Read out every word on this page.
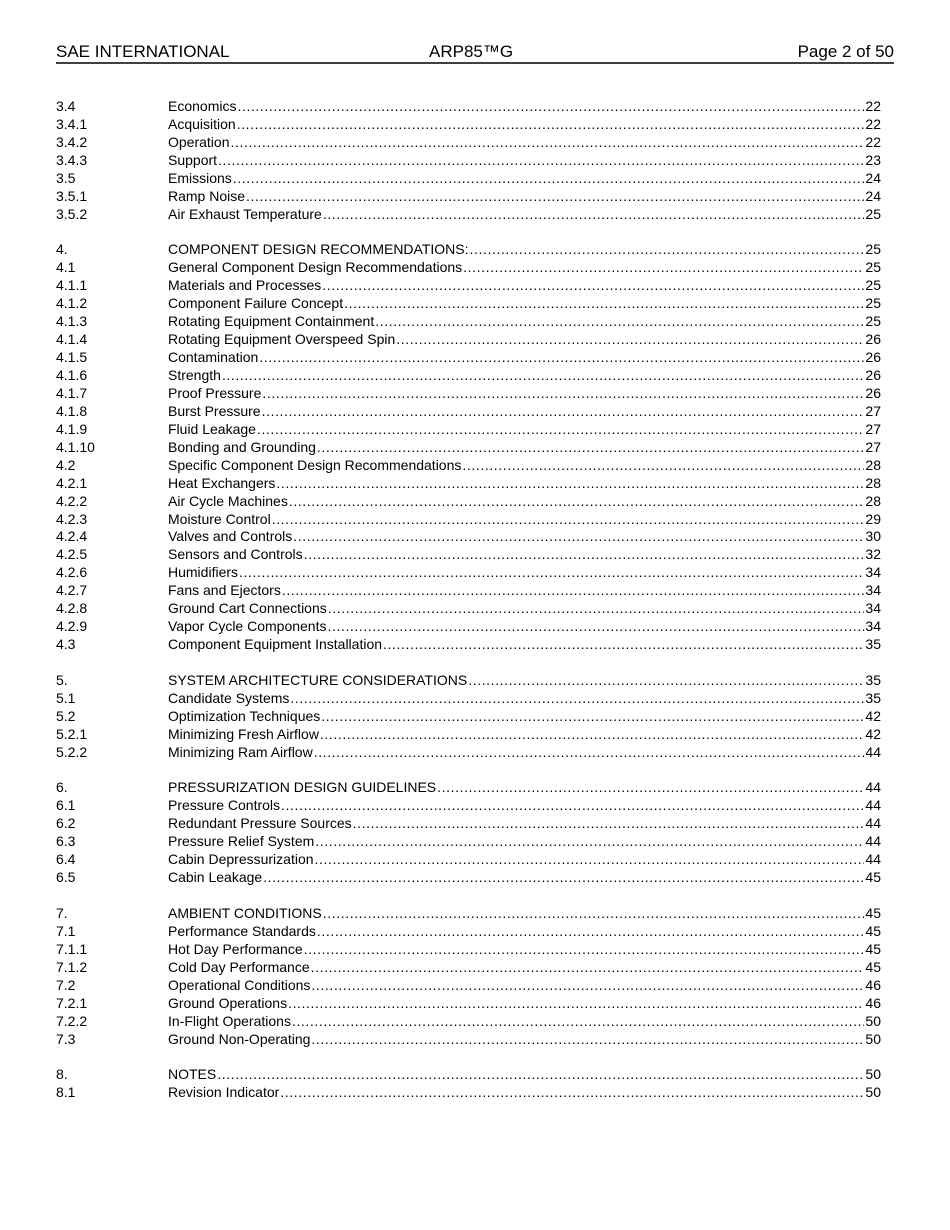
SAE INTERNATIONAL	ARP85™G	Page 2 of 50
3.4	Economics .....	22
3.4.1	Acquisition .....	22
3.4.2	Operation .....	22
3.4.3	Support .....	23
3.5	Emissions .....	24
3.5.1	Ramp Noise .....	24
3.5.2	Air Exhaust Temperature .....	25
4.	COMPONENT DESIGN RECOMMENDATIONS: .....	25
4.1	General Component Design Recommendations .....	25
4.1.1	Materials and Processes .....	25
4.1.2	Component Failure Concept .....	25
4.1.3	Rotating Equipment Containment .....	25
4.1.4	Rotating Equipment Overspeed Spin .....	26
4.1.5	Contamination .....	26
4.1.6	Strength .....	26
4.1.7	Proof Pressure .....	26
4.1.8	Burst Pressure .....	27
4.1.9	Fluid Leakage .....	27
4.1.10	Bonding and Grounding .....	27
4.2	Specific Component Design Recommendations .....	28
4.2.1	Heat Exchangers .....	28
4.2.2	Air Cycle Machines .....	28
4.2.3	Moisture Control .....	29
4.2.4	Valves and Controls .....	30
4.2.5	Sensors and Controls .....	32
4.2.6	Humidifiers .....	34
4.2.7	Fans and Ejectors .....	34
4.2.8	Ground Cart Connections .....	34
4.2.9	Vapor Cycle Components .....	34
4.3	Component Equipment Installation .....	35
5.	SYSTEM ARCHITECTURE CONSIDERATIONS .....	35
5.1	Candidate Systems .....	35
5.2	Optimization Techniques .....	42
5.2.1	Minimizing Fresh Airflow .....	42
5.2.2	Minimizing Ram Airflow .....	44
6.	PRESSURIZATION DESIGN GUIDELINES .....	44
6.1	Pressure Controls .....	44
6.2	Redundant Pressure Sources .....	44
6.3	Pressure Relief System .....	44
6.4	Cabin Depressurization .....	44
6.5	Cabin Leakage .....	45
7.	AMBIENT CONDITIONS .....	45
7.1	Performance Standards .....	45
7.1.1	Hot Day Performance .....	45
7.1.2	Cold Day Performance .....	45
7.2	Operational Conditions .....	46
7.2.1	Ground Operations .....	46
7.2.2	In-Flight Operations .....	50
7.3	Ground Non-Operating .....	50
8.	NOTES .....	50
8.1	Revision Indicator .....	50
